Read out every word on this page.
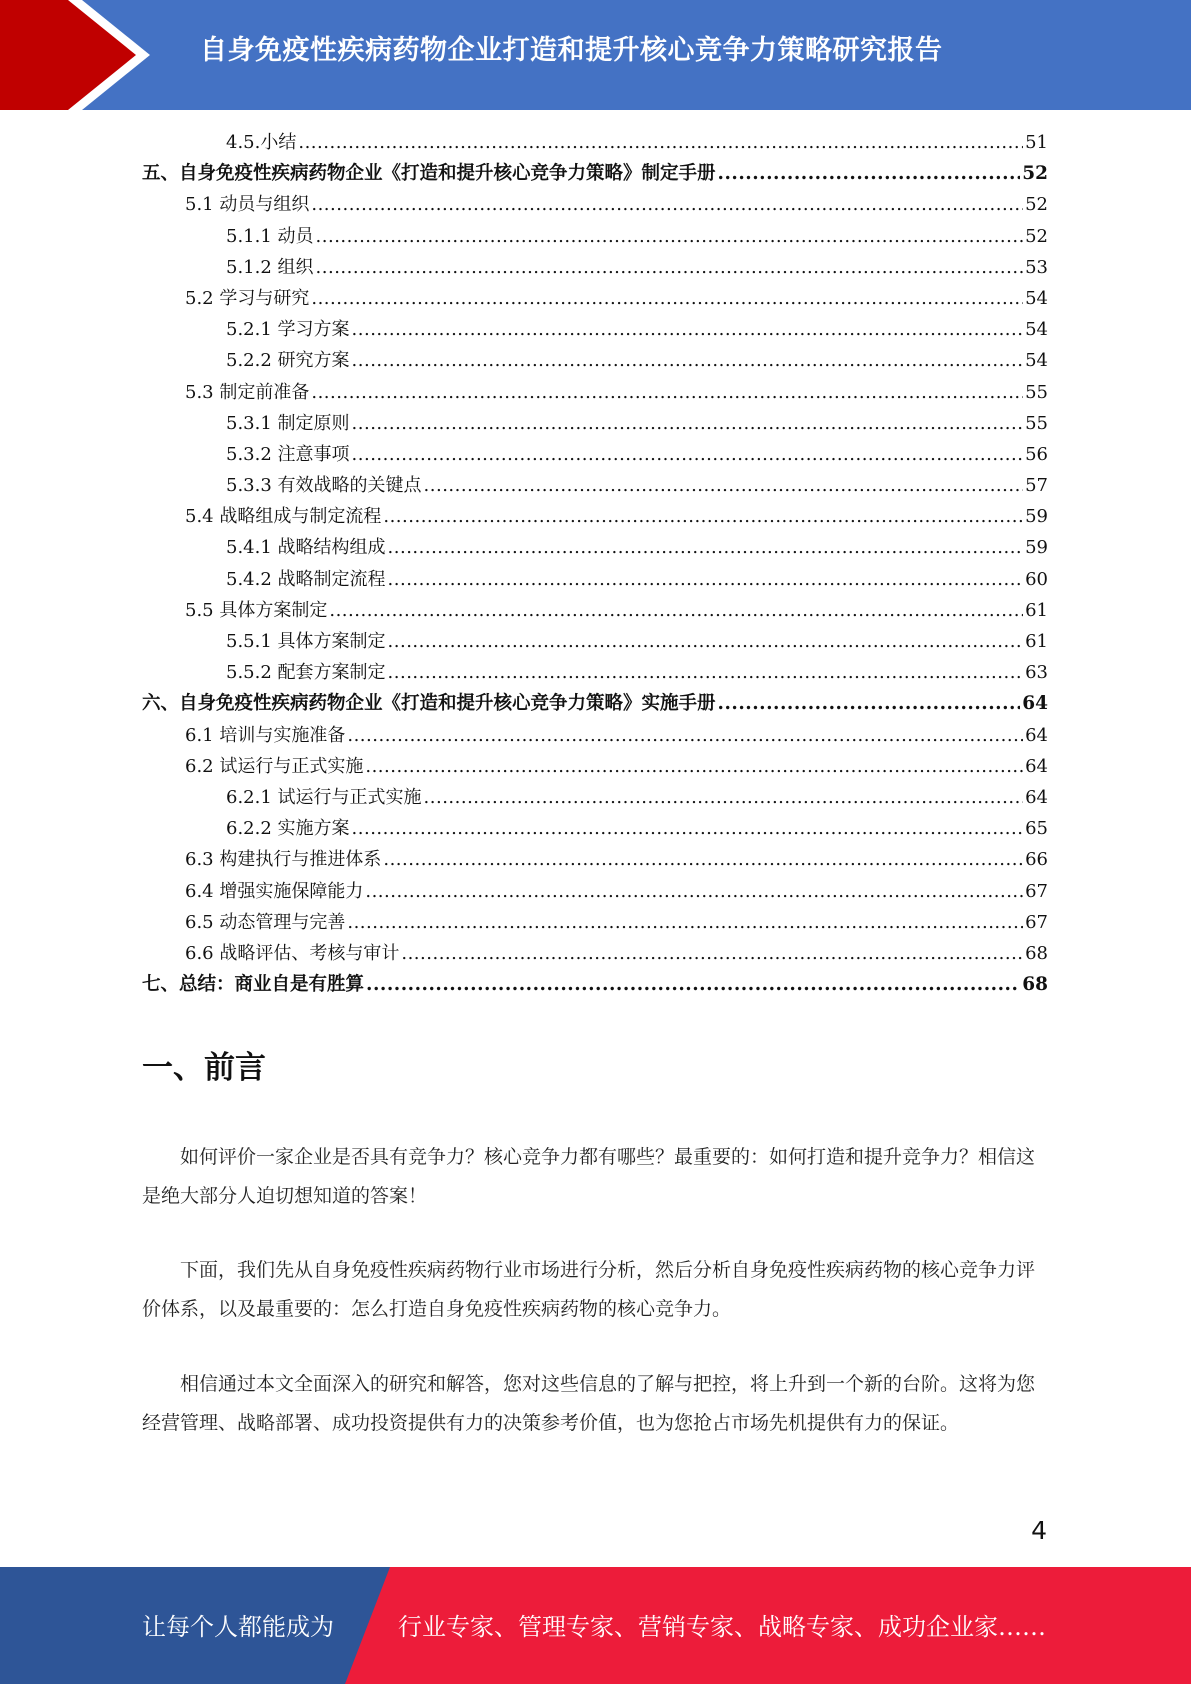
自身免疫性疾病药物企业打造和提升核心竞争力策略研究报告
4.5.小结 .....	51
五、自身免疫性疾病药物企业《打造和提升核心竞争力策略》制定手册 .....	52
5.1 动员与组织 .....	52
5.1.1 动员 .....	52
5.1.2 组织 .....	53
5.2 学习与研究 .....	54
5.2.1 学习方案 .....	54
5.2.2 研究方案 .....	54
5.3 制定前准备 .....	55
5.3.1 制定原则 .....	55
5.3.2 注意事项 .....	56
5.3.3 有效战略的关键点 .....	57
5.4 战略组成与制定流程 .....	59
5.4.1 战略结构组成 .....	59
5.4.2 战略制定流程 .....	60
5.5 具体方案制定 .....	61
5.5.1 具体方案制定 .....	61
5.5.2 配套方案制定 .....	63
六、自身免疫性疾病药物企业《打造和提升核心竞争力策略》实施手册 .....	64
6.1 培训与实施准备 .....	64
6.2 试运行与正式实施 .....	64
6.2.1 试运行与正式实施 .....	64
6.2.2 实施方案 .....	65
6.3 构建执行与推进体系 .....	66
6.4 增强实施保障能力 .....	67
6.5 动态管理与完善 .....	67
6.6 战略评估、考核与审计 .....	68
七、总结：商业自是有胜算 .....	68
一、前言

如何评价一家企业是否具有竞争力？核心竞争力都有哪些？最重要的：如何打造和提升竞争力？相信这是绝大部分人迫切想知道的答案！

下面，我们先从自身免疫性疾病药物行业市场进行分析，然后分析自身免疫性疾病药物的核心竞争力评价体系，以及最重要的：怎么打造自身免疫性疾病药物的核心竞争力。

相信通过本文全面深入的研究和解答，您对这些信息的了解与把控，将上升到一个新的台阶。这将为您经营管理、战略部署、成功投资提供有力的决策参考价值，也为您抢占市场先机提供有力的保证。

4
让每个人都能成为	行业专家、管理专家、营销专家、战略专家、成功企业家……
